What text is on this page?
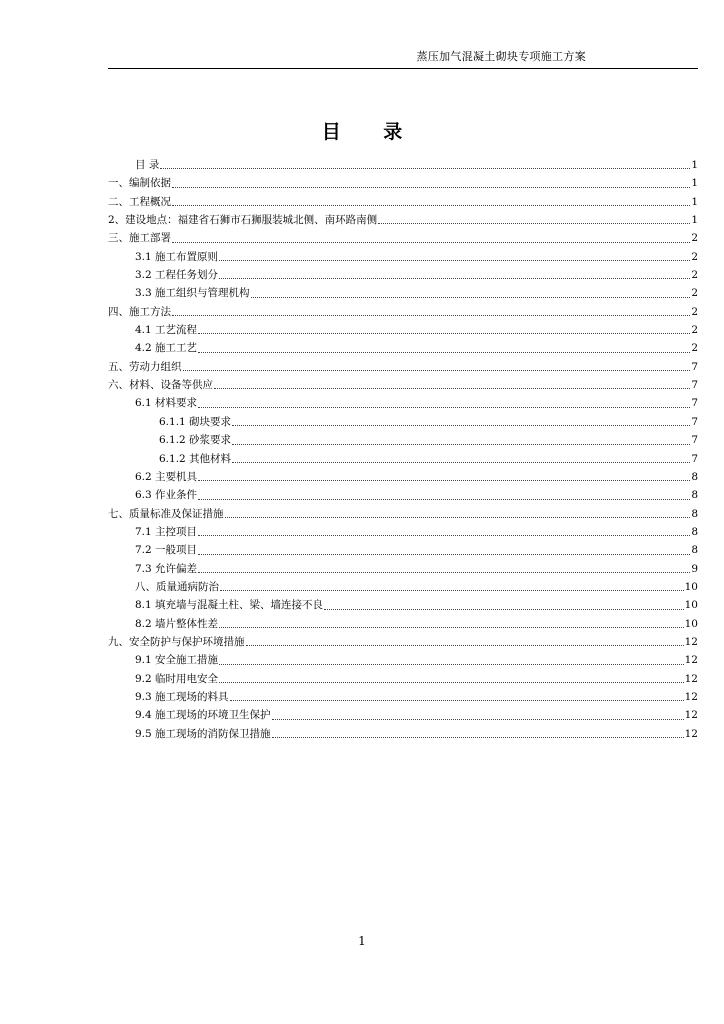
蒸压加气混凝土砌块专项施工方案
目 录
目 录	1
一、编制依据	1
二、工程概况	1
2、建设地点：福建省石狮市石狮服装城北侧、南环路南侧	1
三、施工部署	2
3.1 施工布置原则	2
3.2 工程任务划分	2
3.3 施工组织与管理机构	2
四、施工方法	2
4.1 工艺流程	2
4.2 施工工艺	2
五、劳动力组织	7
六、材料、设备等供应	7
6.1 材料要求	7
6.1.1 砌块要求	7
6.1.2 砂浆要求	7
6.1.2 其他材料	7
6.2 主要机具	8
6.3 作业条件	8
七、质量标准及保证措施	8
7.1 主控项目	8
7.2 一般项目	8
7.3 允许偏差	9
八、质量通病防治	10
8.1 填充墙与混凝土柱、梁、墙连接不良	10
8.2 墙片整体性差	10
九、安全防护与保护环境措施	12
9.1 安全施工措施	12
9.2 临时用电安全	12
9.3 施工现场的料具	12
9.4 施工现场的环境卫生保护	12
9.5 施工现场的消防保卫措施	12
1
